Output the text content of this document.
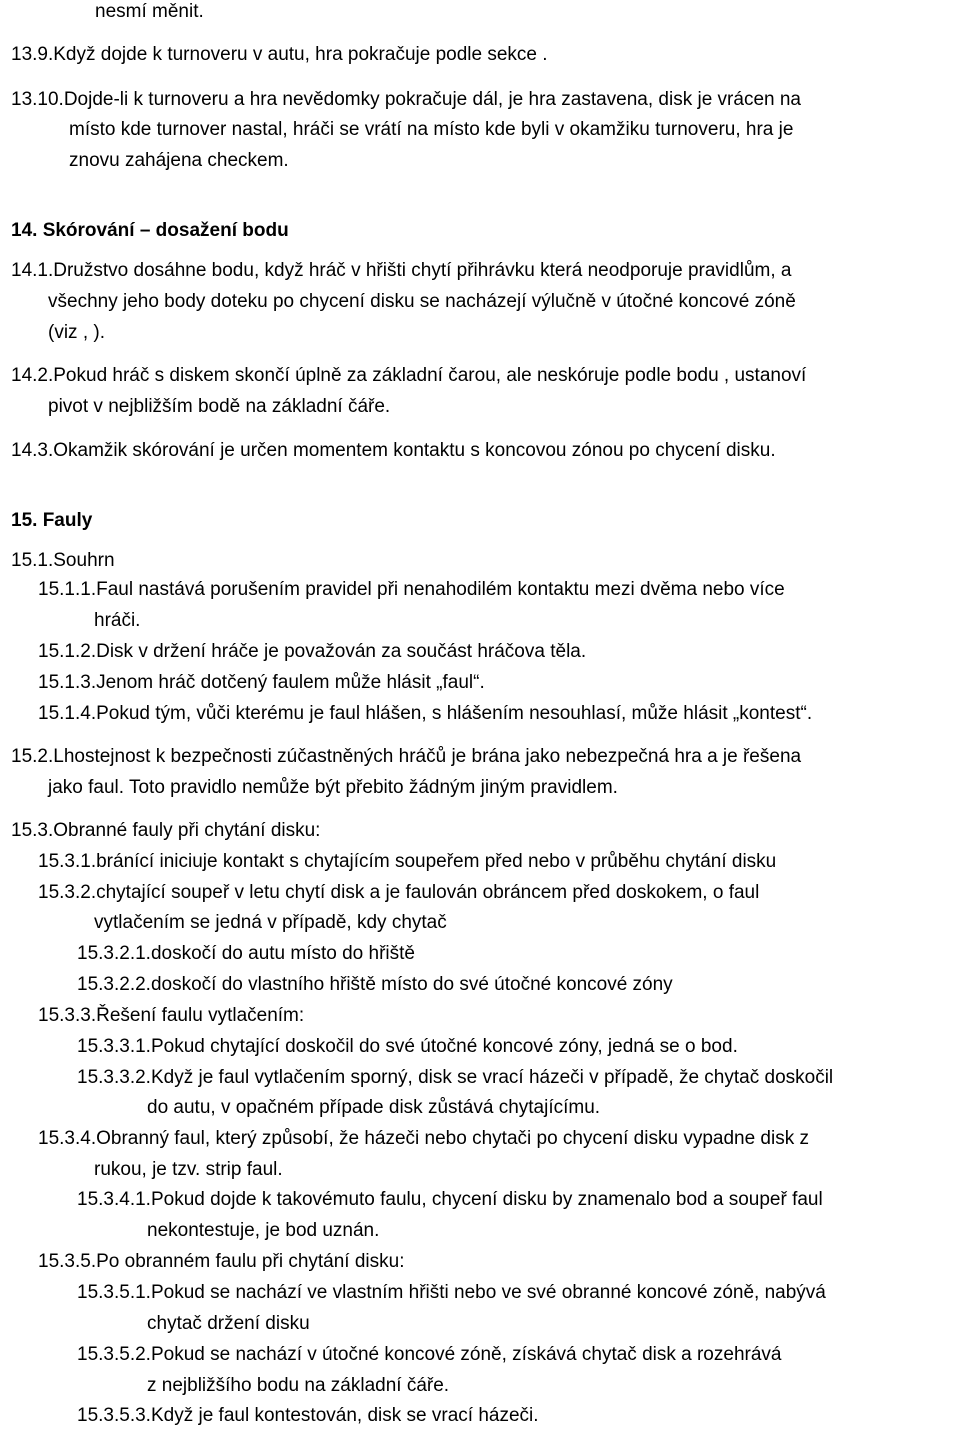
nesmí měnit.
13.9.Když dojde k turnoveru v autu, hra pokračuje podle sekce .
13.10.Dojde-li k turnoveru a hra nevědomky pokračuje dál, je hra zastavena, disk je vrácen na
místo kde turnover nastal, hráči se vrátí na místo kde byli v okamžiku turnoveru, hra je
znovu zahájena checkem.
14. Skórování – dosažení bodu
14.1.Družstvo dosáhne bodu, když hráč v hřišti chytí přihrávku která neodporuje pravidlům, a
všechny jeho body doteku po chycení disku se nacházejí výlučně v útočné koncové zóně
(viz , ).
14.2.Pokud hráč s diskem skončí úplně za základní čarou, ale neskóruje podle bodu , ustanoví
pivot v nejbližším bodě na základní čáře.
14.3.Okamžik skórování je určen momentem kontaktu s koncovou zónou po chycení disku.
15. Fauly
15.1.Souhrn
15.1.1.Faul nastává porušením pravidel při nenahodilém kontaktu mezi dvěma nebo více
hráči.
15.1.2.Disk v držení hráče je považován za součást hráčova těla.
15.1.3.Jenom hráč dotčený faulem může hlásit „faul“.
15.1.4.Pokud tým, vůči kterému je faul hlášen, s hlášením nesouhlasí, může hlásit „kontest“.
15.2.Lhostejnost k bezpečnosti zúčastněných hráčů je brána jako nebezpečná hra a je řešena
jako faul. Toto pravidlo nemůže být přebito žádným jiným pravidlem.
15.3.Obranné fauly při chytání disku:
15.3.1.bránící iniciuje kontakt s chytajícím soupeřem před nebo v průběhu chytání disku
15.3.2.chytající soupeř v letu chytí disk a je faulován obráncem před doskokem, o faul
vytlačením se jedná v případě, kdy chytač
15.3.2.1.doskočí do autu místo do hřiště
15.3.2.2.doskočí do vlastního hřiště místo do své útočné koncové zóny
15.3.3.Řešení faulu vytlačením:
15.3.3.1.Pokud chytající doskočil do své útočné koncové zóny, jedná se o bod.
15.3.3.2.Když je faul vytlačením sporný, disk se vrací házeči v případě, že chytač doskočil
do autu, v opačném případe disk zůstává chytajícímu.
15.3.4.Obranný faul, který způsobí, že házeči nebo chytači po chycení disku vypadne disk z
rukou, je tzv. strip faul.
15.3.4.1.Pokud dojde k takovémuto faulu, chycení disku by znamenalo bod a soupeř faul
nekontestuje, je bod uznán.
15.3.5.Po obranném faulu při chytání disku:
15.3.5.1.Pokud se nachází ve vlastním hřišti nebo ve své obranné koncové zóně, nabývá
chytač držení disku
15.3.5.2.Pokud se nachází v útočné koncové zóně, získává chytač disk a rozehrává
z nejbližšího bodu na základní čáře.
15.3.5.3.Když je faul kontestován, disk se vrací házeči.
